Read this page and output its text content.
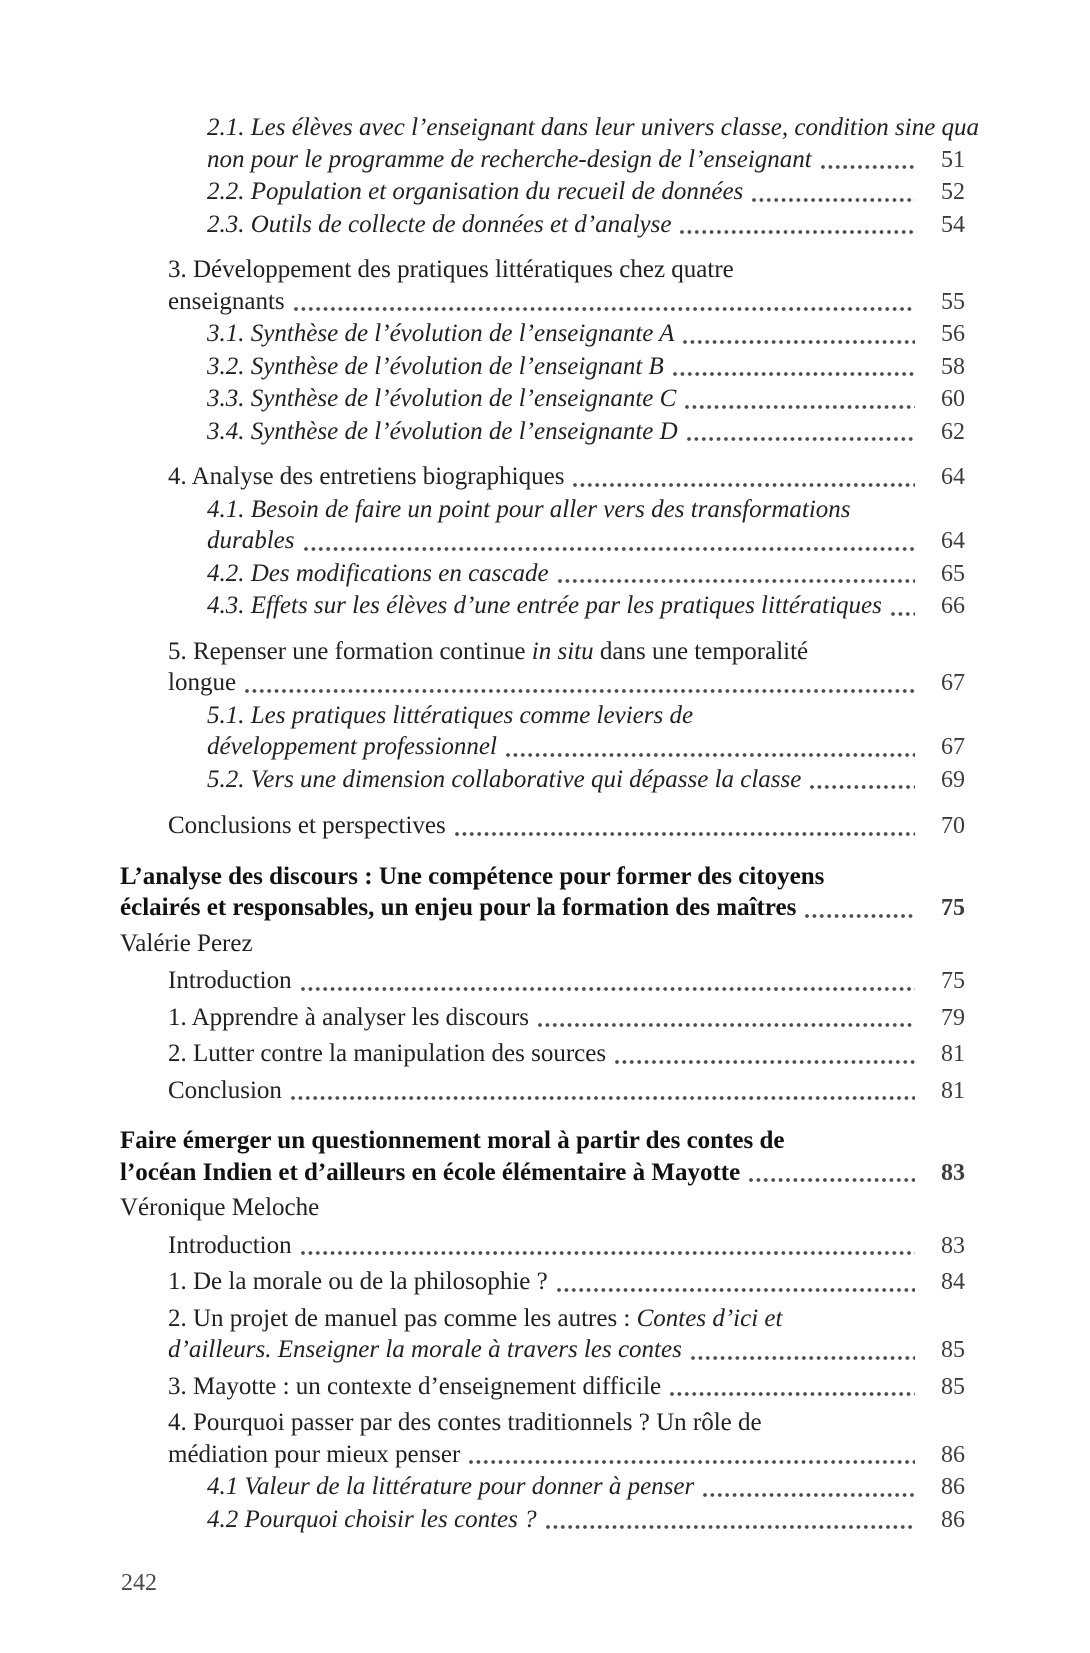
2.1. Les élèves avec l’enseignant dans leur univers classe, condition sine qua
non pour le programme de recherche-design de l’enseignant	51
2.2. Population et organisation du recueil de données	52
2.3. Outils de collecte de données et d’analyse	54
3. Développement des pratiques littératiques chez quatre
enseignants	55
3.1. Synthèse de l’évolution de l’enseignante A	56
3.2. Synthèse de l’évolution de l’enseignant B	58
3.3. Synthèse de l’évolution de l’enseignante C	60
3.4. Synthèse de l’évolution de l’enseignante D	62
4. Analyse des entretiens biographiques	64
4.1. Besoin de faire un point pour aller vers des transformations
durables	64
4.2. Des modifications en cascade	65
4.3. Effets sur les élèves d’une entrée par les pratiques littératiques	66
5. Repenser une formation continue in situ dans une temporalité
longue	67
5.1. Les pratiques littératiques comme leviers de
développement professionnel	67
5.2. Vers une dimension collaborative qui dépasse la classe	69
Conclusions et perspectives	70
L’analyse des discours : Une compétence pour former des citoyens
éclairés et responsables, un enjeu pour la formation des maîtres	75
Valérie Perez
Introduction	75
1. Apprendre à analyser les discours	79
2. Lutter contre la manipulation des sources	81
Conclusion	81
Faire émerger un questionnement moral à partir des contes de
l’océan Indien et d’ailleurs en école élémentaire à Mayotte	83
Véronique Meloche
Introduction	83
1. De la morale ou de la philosophie ?	84
2. Un projet de manuel pas comme les autres : Contes d’ici et
d’ailleurs. Enseigner la morale à travers les contes	85
3. Mayotte : un contexte d’enseignement difficile	85
4. Pourquoi passer par des contes traditionnels ? Un rôle de
médiation pour mieux penser	86
4.1 Valeur de la littérature pour donner à penser	86
4.2 Pourquoi choisir les contes ?	86
242
